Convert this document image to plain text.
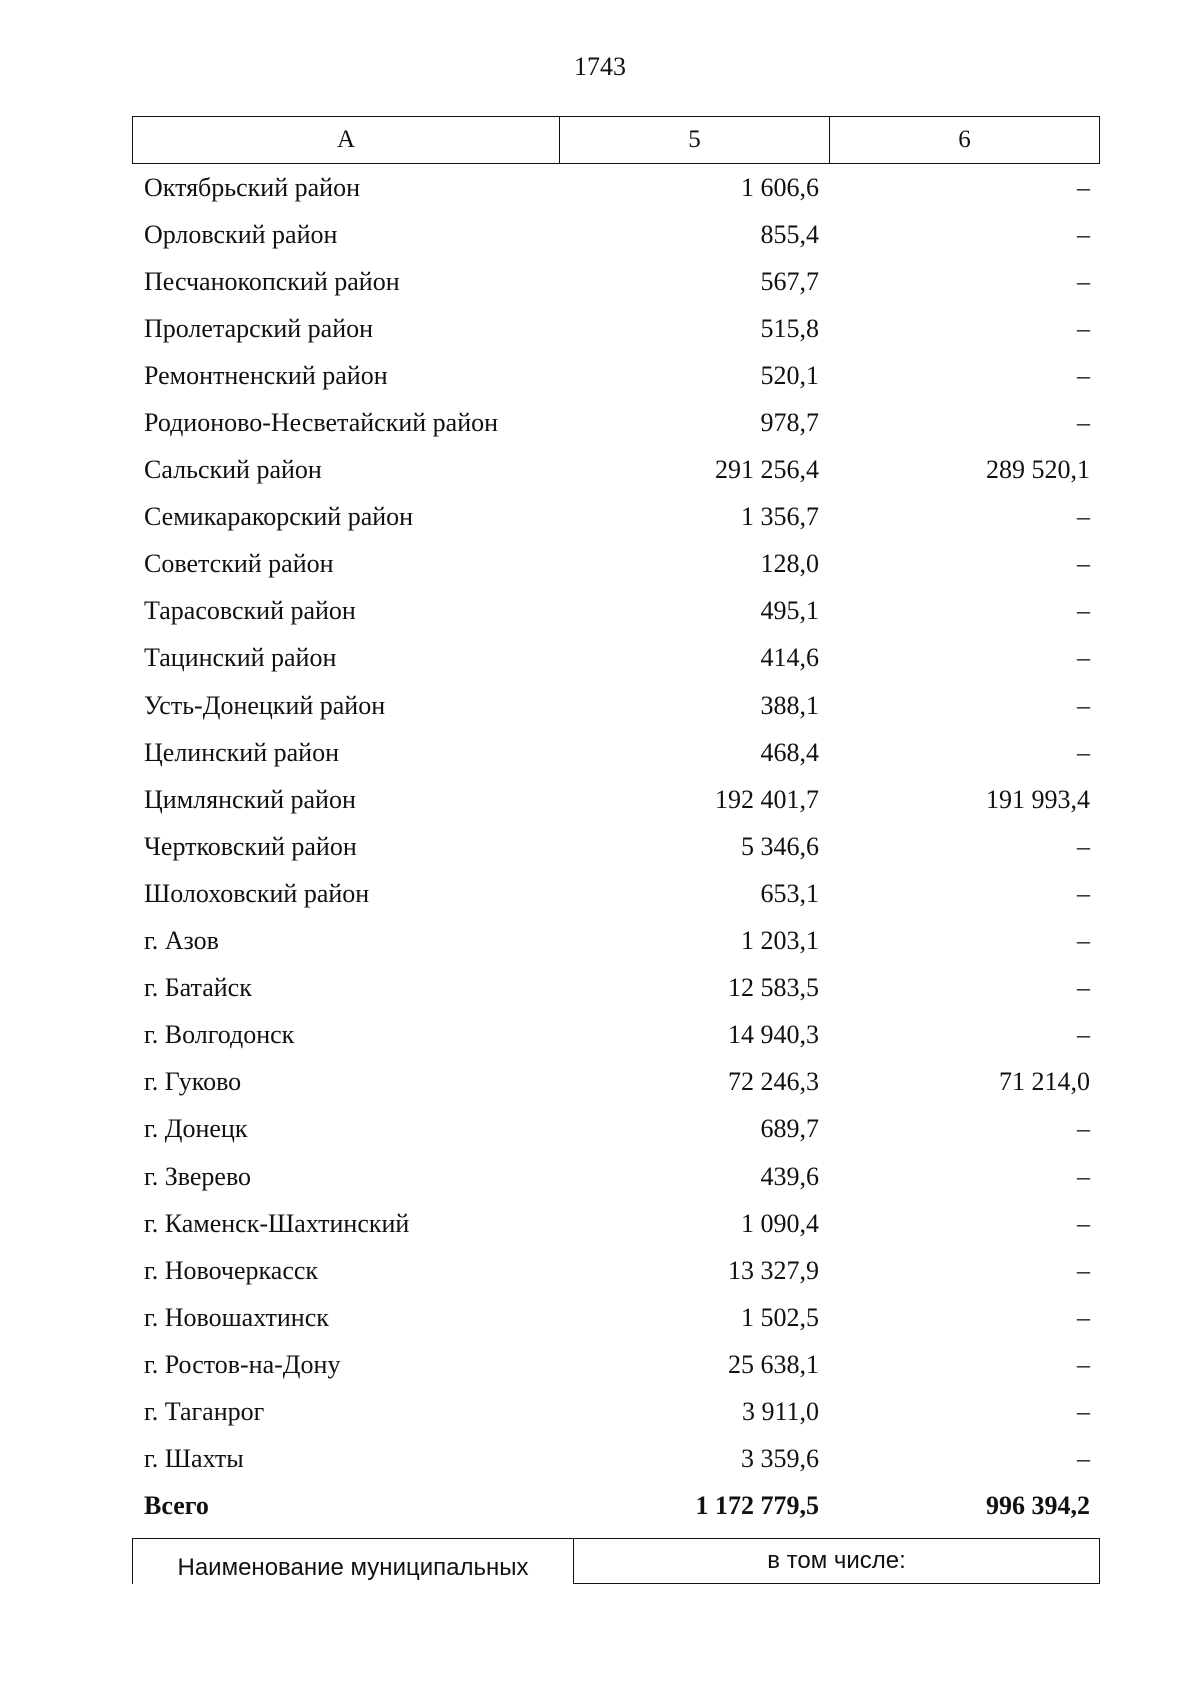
1743
А	5	6
Октябрьский район	1 606,6	–
Орловский район	855,4	–
Песчанокопский район	567,7	–
Пролетарский район	515,8	–
Ремонтненский район	520,1	–
Родионово-Несветайский район	978,7	–
Сальский район	291 256,4	289 520,1
Семикаракорский район	1 356,7	–
Советский район	128,0	–
Тарасовский район	495,1	–
Тацинский район	414,6	–
Усть-Донецкий район	388,1	–
Целинский район	468,4	–
Цимлянский район	192 401,7	191 993,4
Чертковский район	5 346,6	–
Шолоховский район	653,1	–
г. Азов	1 203,1	–
г. Батайск	12 583,5	–
г. Волгодонск	14 940,3	–
г. Гуково	72 246,3	71 214,0
г. Донецк	689,7	–
г. Зверево	439,6	–
г. Каменск-Шахтинский	1 090,4	–
г. Новочеркасск	13 327,9	–
г. Новошахтинск	1 502,5	–
г. Ростов-на-Дону	25 638,1	–
г. Таганрог	3 911,0	–
г. Шахты	3 359,6	–
Всего	1 172 779,5	996 394,2
Наименование муниципальных	в том числе:
